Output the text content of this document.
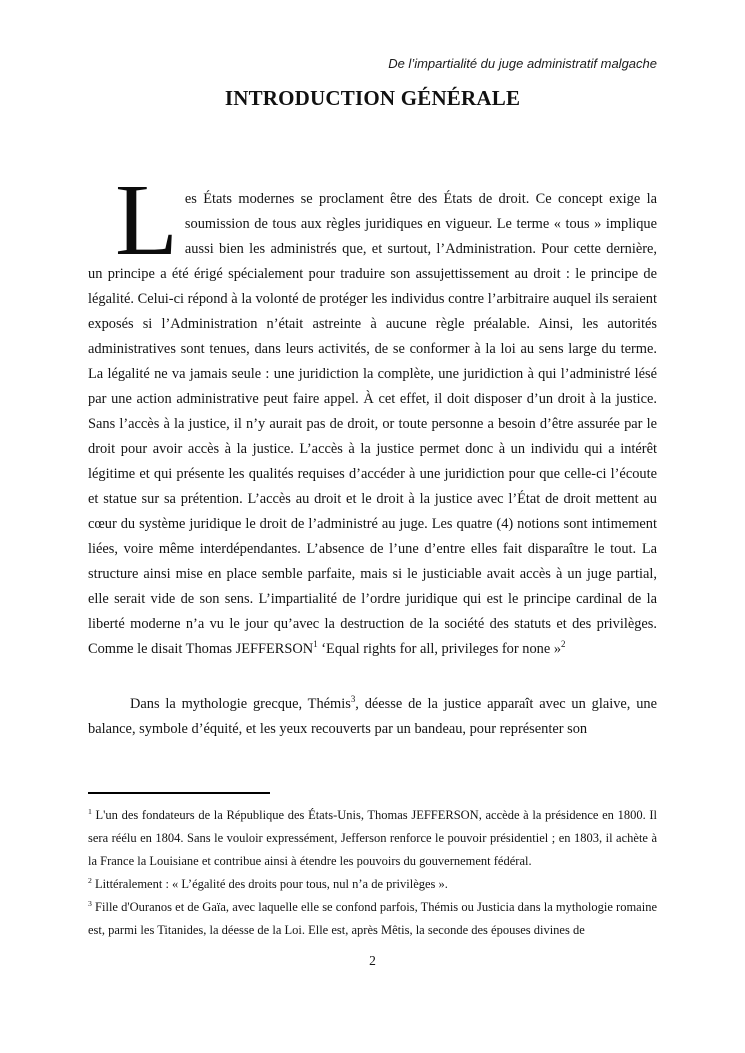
De l’impartialité du juge administratif malgache
INTRODUCTION GÉNÉRALE

Les États modernes se proclament être des États de droit. Ce concept exige la soumission de tous aux règles juridiques en vigueur. Le terme « tous » implique aussi bien les administrés que, et surtout, l’Administration. Pour cette dernière, un principe a été érigé spécialement pour traduire son assujettissement au droit : le principe de légalité. Celui-ci répond à la volonté de protéger les individus contre l’arbitraire auquel ils seraient exposés si l’Administration n’était astreinte à aucune règle préalable. Ainsi, les autorités administratives sont tenues, dans leurs activités, de se conformer à la loi au sens large du terme. La légalité ne va jamais seule : une juridiction la complète, une juridiction à qui l’administré lésé par une action administrative peut faire appel. À cet effet, il doit disposer d’un droit à la justice. Sans l’accès à la justice, il n’y aurait pas de droit, or toute personne a besoin d’être assurée par le droit pour avoir accès à la justice. L’accès à la justice permet donc à un individu qui a intérêt légitime et qui présente les qualités requises d’accéder à une juridiction pour que celle-ci l’écoute et statue sur sa prétention. L’accès au droit et le droit à la justice avec l’État de droit mettent au cœur du système juridique le droit de l’administré au juge. Les quatre (4) notions sont intimement liées, voire même interdépendantes. L’absence de l’une d’entre elles fait disparaître le tout. La structure ainsi mise en place semble parfaite, mais si le justiciable avait accès à un juge partial, elle serait vide de son sens. L’impartialité de l’ordre juridique qui est le principe cardinal de la liberté moderne n’a vu le jour qu’avec la destruction de la société des statuts et des privilèges. Comme le disait Thomas JEFFERSON$^1$ ‘Equal rights for all, privileges for none »$^2$

Dans la mythologie grecque, Thémis$^3$, déesse de la justice apparaît avec un glaive, une balance, symbole d’équité, et les yeux recouverts par un bandeau, pour représenter son

$^1$ L'un des fondateurs de la République des États-Unis, Thomas JEFFERSON, accède à la présidence en 1800. Il sera réélu en 1804. Sans le vouloir expressément, Jefferson renforce le pouvoir présidentiel ; en 1803, il achète à la France la Louisiane et contribue ainsi à étendre les pouvoirs du gouvernement fédéral.

$^2$ Littéralement : « L’égalité des droits pour tous, nul n’a de privilèges ».

$^3$ Fille d'Ouranos et de Gaïa, avec laquelle elle se confond parfois, Thémis ou Justicia dans la mythologie romaine est, parmi les Titanides, la déesse de la Loi. Elle est, après Mêtis, la seconde des épouses divines de

2
